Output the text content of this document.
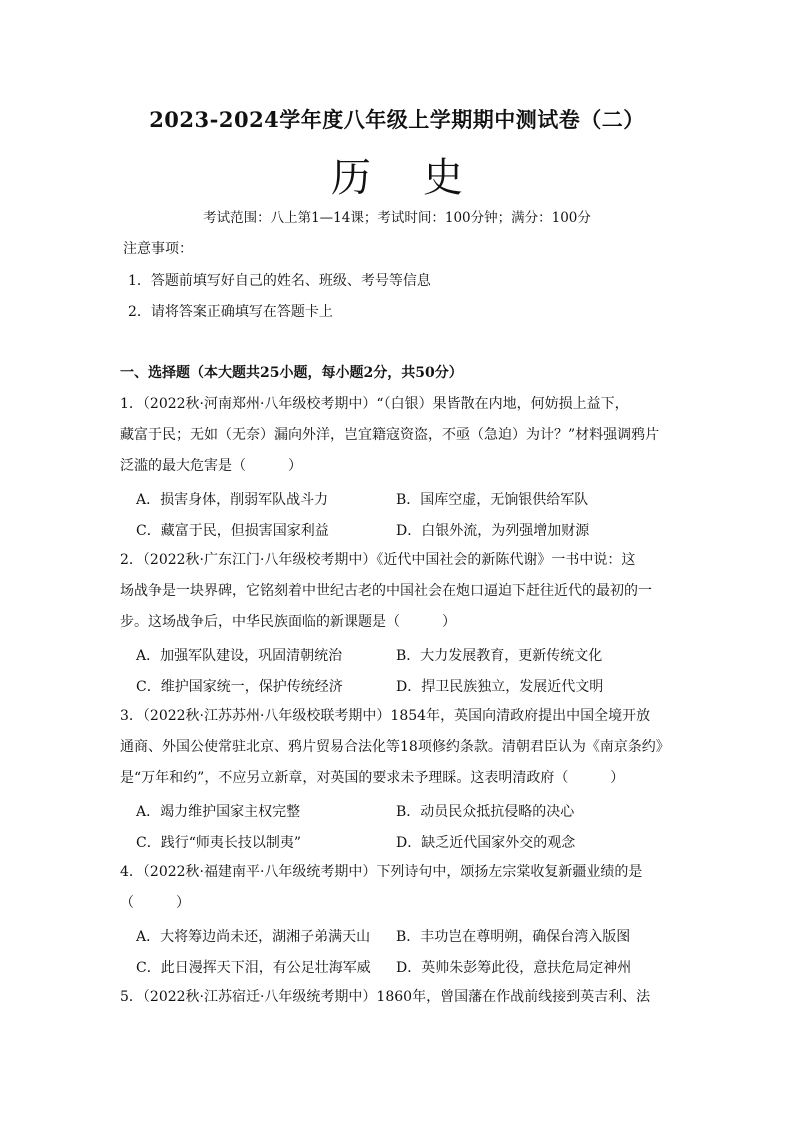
2023-2024学年度八年级上学期期中测试卷（二）
历史
考试范围：八上第1—14课；考试时间：100分钟；满分：100分
注意事项：
1．答题前填写好自己的姓名、班级、考号等信息
2．请将答案正确填写在答题卡上
一、选择题（本大题共25小题，每小题2分，共50分）
1．（2022秋·河南郑州·八年级校考期中）“（白银）果皆散在内地，何妨损上益下，
藏富于民；无如（无奈）漏向外洋，岂宜籍寇资盗，不亟（急迫）为计？”材料强调鸦片
泛滥的最大危害是（　　　）
A．损害身体，削弱军队战斗力	B．国库空虚，无饷银供给军队
C．藏富于民，但损害国家利益	D．白银外流，为列强增加财源
2．（2022秋·广东江门·八年级校考期中）《近代中国社会的新陈代谢》一书中说：这
场战争是一块界碑，它铭刻着中世纪古老的中国社会在炮口逼迫下赶往近代的最初的一
步。这场战争后，中华民族面临的新课题是（　　　）
A．加强军队建设，巩固清朝统治	B．大力发展教育，更新传统文化
C．维护国家统一，保护传统经济	D．捍卫民族独立，发展近代文明
3．（2022秋·江苏苏州·八年级校联考期中）1854年，英国向清政府提出中国全境开放
通商、外国公使常驻北京、鸦片贸易合法化等18项修约条款。清朝君臣认为《南京条约》
是“万年和约”，不应另立新章，对英国的要求未予理睬。这表明清政府（　　　）
A．竭力维护国家主权完整	B．动员民众抵抗侵略的决心
C．践行“师夷长技以制夷”	D．缺乏近代国家外交的观念
4．（2022秋·福建南平·八年级统考期中）下列诗句中，颂扬左宗棠收复新疆业绩的是
（　　　）
A．大将筹边尚未还，湖湘子弟满天山 B．丰功岂在尊明朔，确保台湾入版图
C．此日漫挥天下泪，有公足壮海军威 D．英帅朱彭筹此役，意扶危局定神州
5．（2022秋·江苏宿迁·八年级统考期中）1860年，曾国藩在作战前线接到英吉利、法
